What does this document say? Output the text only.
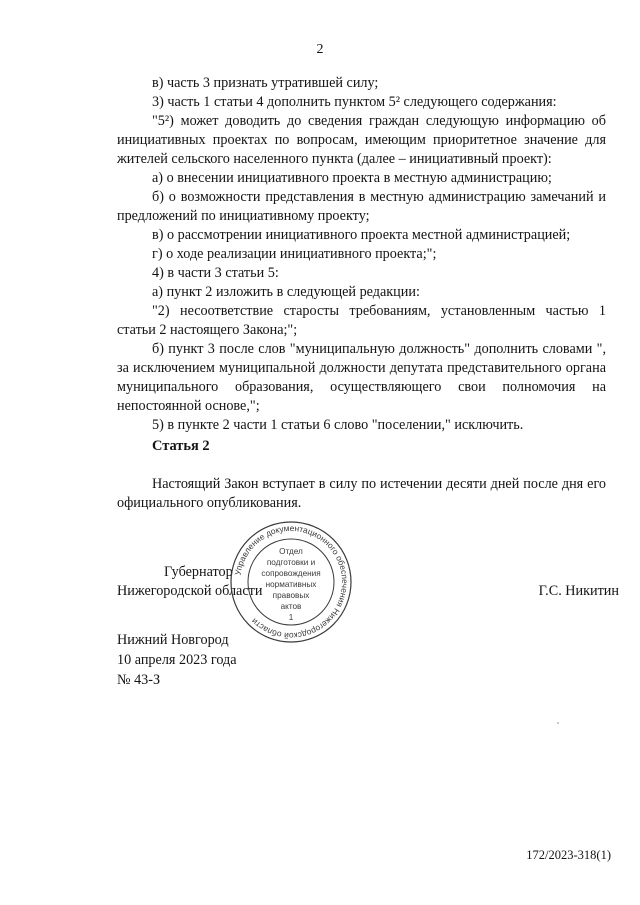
2

в) часть 3 признать утратившей силу;

3) часть 1 статьи 4 дополнить пунктом 5² следующего содержания:

"5²) может доводить до сведения граждан следующую информацию об инициативных проектах по вопросам, имеющим приоритетное значение для жителей сельского населенного пункта (далее – инициативный проект):

а) о внесении инициативного проекта в местную администрацию;

б) о возможности представления в местную администрацию замечаний и предложений по инициативному проекту;

в) о рассмотрении инициативного проекта местной администрацией;

г) о ходе реализации инициативного проекта;";

4) в части 3 статьи 5:

а) пункт 2 изложить в следующей редакции:

"2) несоответствие старосты требованиям, установленным частью 1 статьи 2 настоящего Закона;";

б) пункт 3 после слов "муниципальную должность" дополнить словами ", за исключением муниципальной должности депутата представительного органа муниципального образования, осуществляющего свои полномочия на непостоянной основе,";

5) в пункте 2 части 1 статьи 6 слово "поселении," исключить.

Статья 2

Настоящий Закон вступает в силу по истечении десяти дней после дня его официального опубликования.

Губернатор
Нижегородской области	Г.С. Никитин
Управление документационного обеспечения Нижегородской области
Отдел
подготовки и
сопровождения
нормативных
правовых
актов
1
Нижний Новгород
10 апреля 2023 года
№ 43-З
172/2023-318(1)
